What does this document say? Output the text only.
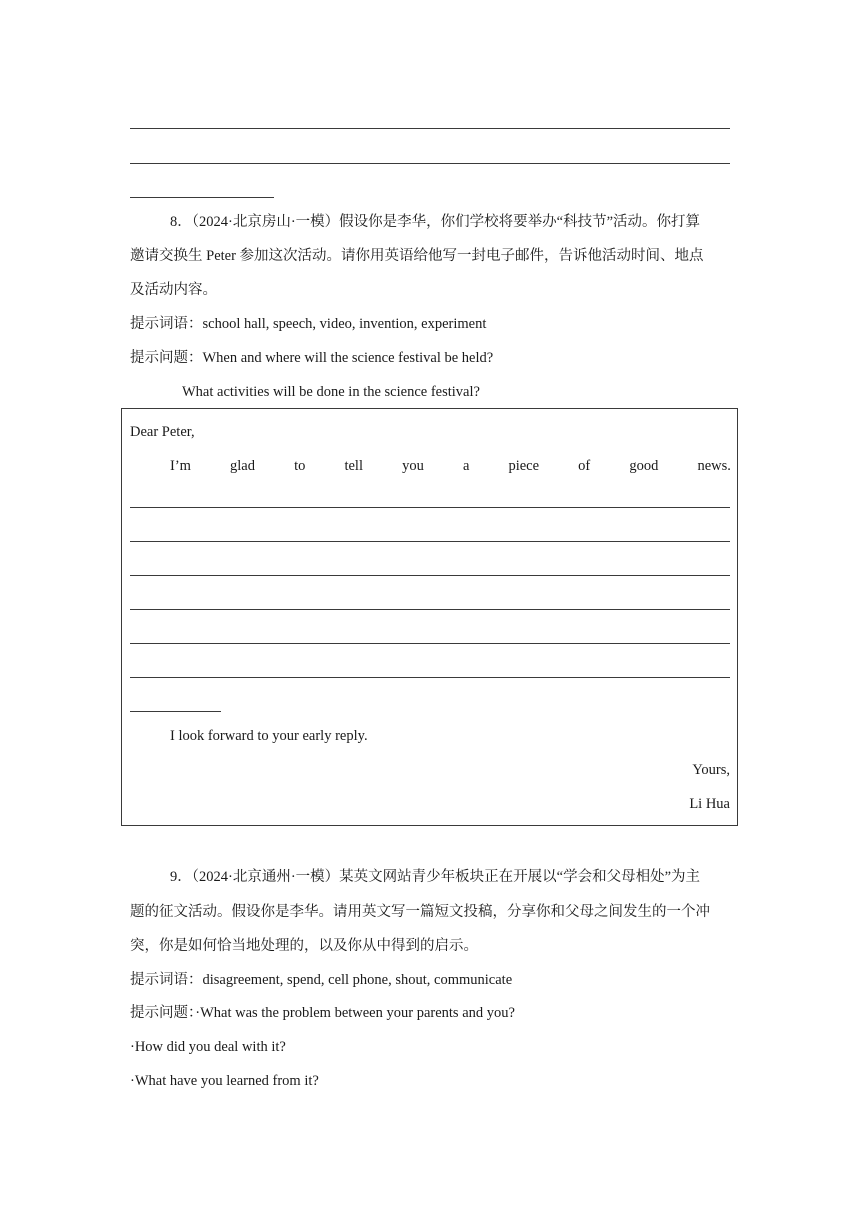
8．（2024·北京房山·一模）假设你是李华，你们学校将要举办“科技节”活动。你打算
邀请交换生 Peter 参加这次活动。请你用英语给他写一封电子邮件，告诉他活动时间、地点
及活动内容。
提示词语：school hall, speech, video, invention, experiment
提示问题：When and where will the science festival be held?
What activities will be done in the science festival?
Dear Peter,
I’m	glad	to	tell	you	a	piece	of	good	news.
I look forward to your early reply.
Yours,
Li Hua
9．（2024·北京通州·一模）某英文网站青少年板块正在开展以“学会和父母相处”为主
题的征文活动。假设你是李华。请用英文写一篇短文投稿，分享你和父母之间发生的一个冲
突，你是如何恰当地处理的，以及你从中得到的启示。
提示词语：disagreement, spend, cell phone, shout, communicate
提示问题：·What was the problem between your parents and you?
·How did you deal with it?
·What have you learned from it?
